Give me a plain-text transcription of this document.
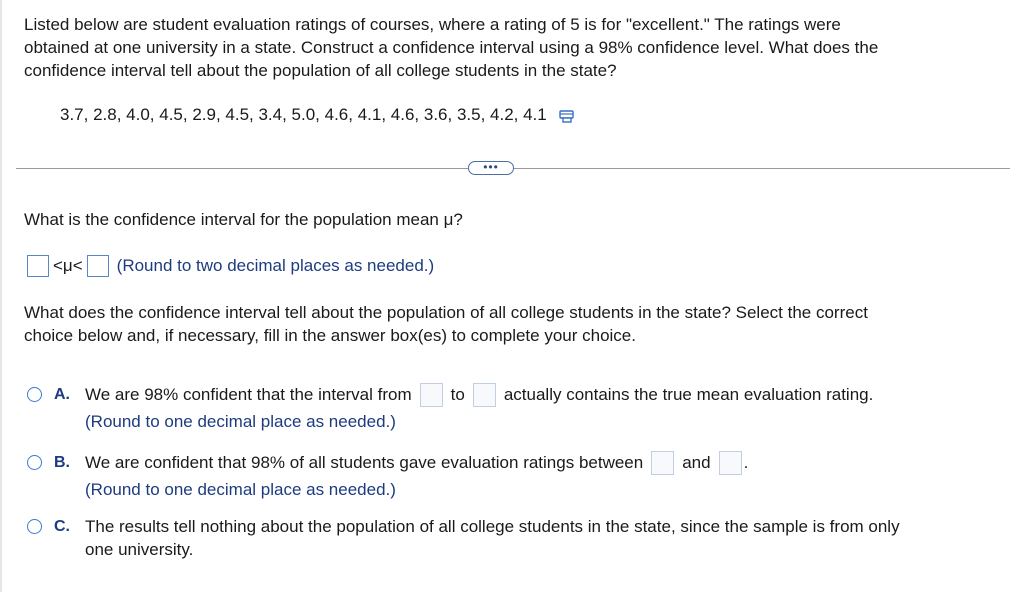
Listed below are student evaluation ratings of courses, where a rating of 5 is for "excellent." The ratings were
obtained at one university in a state. Construct a confidence interval using a 98% confidence level. What does the
confidence interval tell about the population of all college students in the state?
3.7, 2.8, 4.0, 4.5, 2.9, 4.5, 3.4, 5.0, 4.6, 4.1, 4.6, 3.6, 3.5, 4.2, 4.1
•••
What is the confidence interval for the population mean μ?
<μ< (Round to two decimal places as needed.)
What does the confidence interval tell about the population of all college students in the state? Select the correct
choice below and, if necessary, fill in the answer box(es) to complete your choice.
A. We are 98% confident that the interval from to actually contains the true mean evaluation rating.
(Round to one decimal place as needed.)
B. We are confident that 98% of all students gave evaluation ratings between and .
(Round to one decimal place as needed.)
C. The results tell nothing about the population of all college students in the state, since the sample is from only
one university.
